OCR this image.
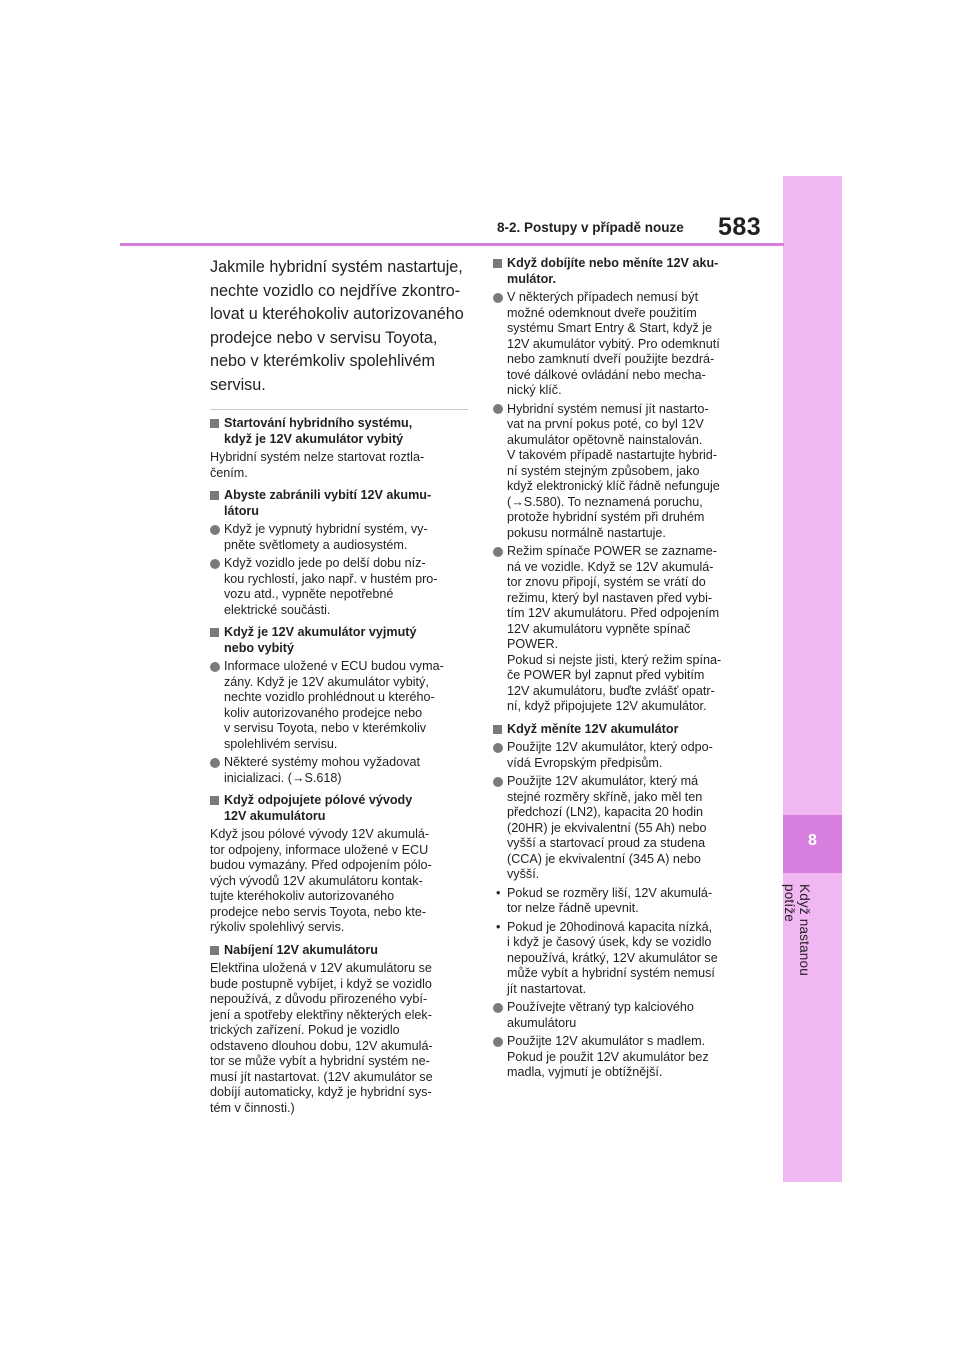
8
Když nastanou potíže
8-2. Postupy v případě nouze 583

Jakmile hybridní systém nastartuje,
nechte vozidlo co nejdříve zkontro-
lovat u kteréhokoliv autorizovaného
prodejce nebo v servisu Toyota,
nebo v kterémkoliv spolehlivém
servisu.

Startování hybridního systému,
když je 12V akumulátor vybitý
Hybridní systém nelze startovat roztla-
čením.
Abyste zabránili vybití 12V akumu-
látoru
Když je vypnutý hybridní systém, vy-
pněte světlomety a audiosystém.
Když vozidlo jede po delší dobu níz-
kou rychlostí, jako např. v hustém pro-
vozu atd., vypněte nepotřebné
elektrické součásti.
Když je 12V akumulátor vyjmutý
nebo vybitý
Informace uložené v ECU budou vyma-
zány. Když je 12V akumulátor vybitý,
nechte vozidlo prohlédnout u kterého-
koliv autorizovaného prodejce nebo
v servisu Toyota, nebo v kterémkoliv
spolehlivém servisu.
Některé systémy mohou vyžadovat
inicializaci. (→S.618)
Když odpojujete pólové vývody
12V akumulátoru
Když jsou pólové vývody 12V akumulá-
tor odpojeny, informace uložené v ECU
budou vymazány. Před odpojením pólo-
vých vývodů 12V akumulátoru kontak-
tujte kteréhokoliv autorizovaného
prodejce nebo servis Toyota, nebo kte-
rýkoliv spolehlivý servis.
Nabíjení 12V akumulátoru
Elektřina uložená v 12V akumulátoru se
bude postupně vybíjet, i když se vozidlo
nepoužívá, z důvodu přirozeného vybí-
jení a spotřeby elektřiny některých elek-
trických zařízení. Pokud je vozidlo
odstaveno dlouhou dobu, 12V akumulá-
tor se může vybít a hybridní systém ne-
musí jít nastartovat. (12V akumulátor se
dobíjí automaticky, když je hybridní sys-
tém v činnosti.)
Když dobíjíte nebo měníte 12V aku-
mulátor.
V některých případech nemusí být
možné odemknout dveře použitím
systému Smart Entry & Start, když je
12V akumulátor vybitý. Pro odemknutí
nebo zamknutí dveří použijte bezdrá-
tové dálkové ovládání nebo mecha-
nický klíč.
Hybridní systém nemusí jít nastarto-
vat na první pokus poté, co byl 12V
akumulátor opětovně nainstalován.
V takovém případě nastartujte hybrid-
ní systém stejným způsobem, jako
když elektronický klíč řádně nefunguje
(→S.580). To neznamená poruchu,
protože hybridní systém při druhém
pokusu normálně nastartuje.
Režim spínače POWER se zazname-
ná ve vozidle. Když se 12V akumulá-
tor znovu připojí, systém se vrátí do
režimu, který byl nastaven před vybi-
tím 12V akumulátoru. Před odpojením
12V akumulátoru vypněte spínač
POWER.
Pokud si nejste jisti, který režim spína-
če POWER byl zapnut před vybitím
12V akumulátoru, buďte zvlášť opatr-
ní, když připojujete 12V akumulátor.
Když měníte 12V akumulátor
Použijte 12V akumulátor, který odpo-
vídá Evropským předpisům.
Použijte 12V akumulátor, který má
stejné rozměry skříně, jako měl ten
předchozí (LN2), kapacita 20 hodin
(20HR) je ekvivalentní (55 Ah) nebo
vyšší a startovací proud za studena
(CCA) je ekvivalentní (345 A) nebo
vyšší.
• Pokud se rozměry liší, 12V akumulá-
tor nelze řádně upevnit.
• Pokud je 20hodinová kapacita nízká,
i když je časový úsek, kdy se vozidlo
nepoužívá, krátký, 12V akumulátor se
může vybít a hybridní systém nemusí
jít nastartovat.
Používejte větraný typ kalciového
akumulátoru
Použijte 12V akumulátor s madlem.
Pokud je použit 12V akumulátor bez
madla, vyjmutí je obtížnější.
